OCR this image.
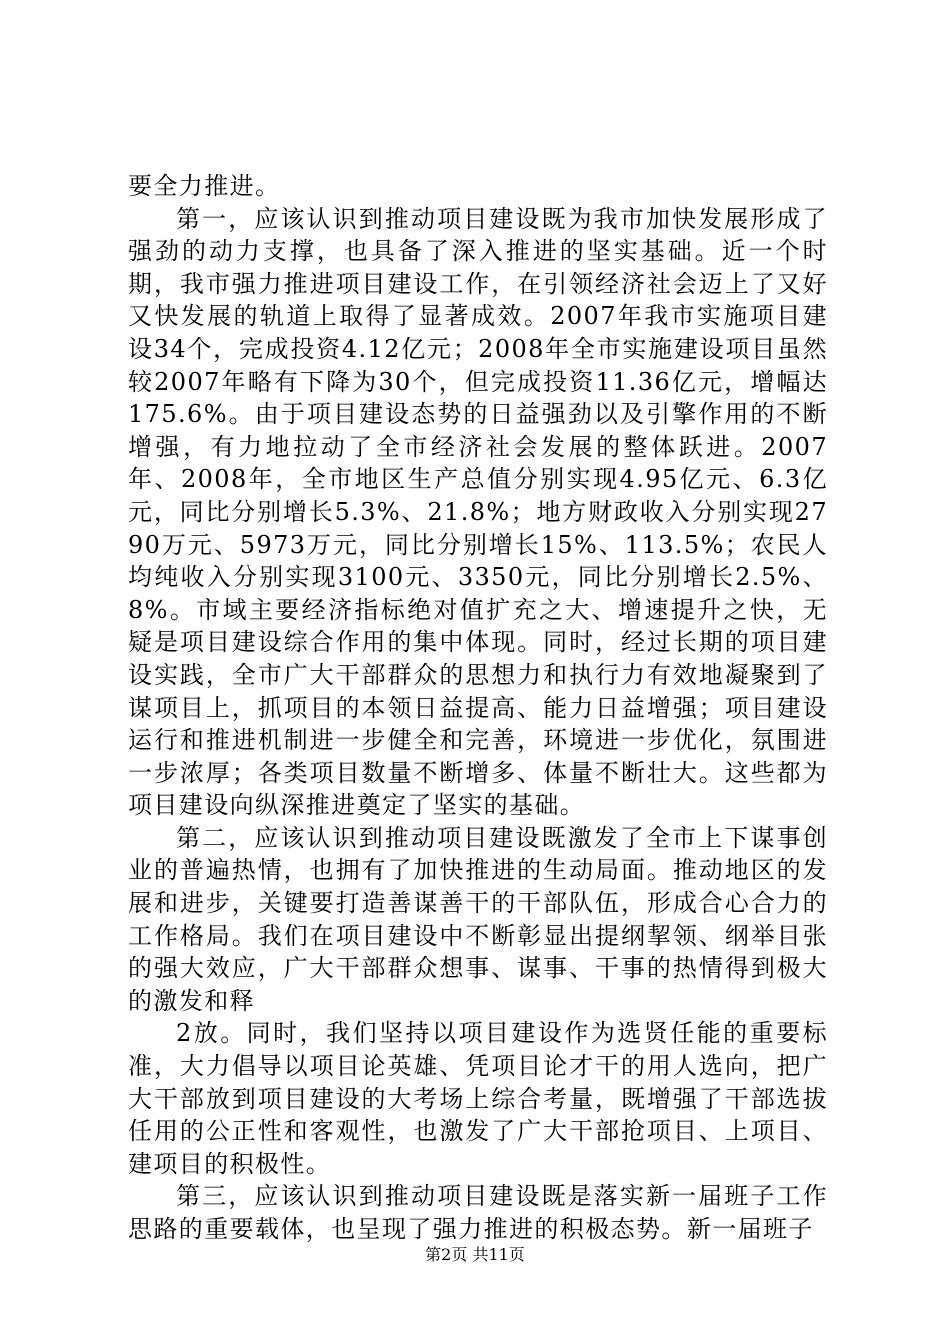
要全力推进。

第一，应该认识到推动项目建设既为我市加快发展形成了强劲的动力支撑，也具备了深入推进的坚实基础。近一个时期，我市强力推进项目建设工作，在引领经济社会迈上了又好又快发展的轨道上取得了显著成效。2007年我市实施项目建设34个，完成投资4.12亿元；2008年全市实施建设项目虽然较2007年略有下降为30个，但完成投资11.36亿元，增幅达175.6%。由于项目建设态势的日益强劲以及引擎作用的不断增强，有力地拉动了全市经济社会发展的整体跃进。2007年、2008年，全市地区生产总值分别实现4.95亿元、6.3亿元，同比分别增长5.3%、21.8%；地方财政收入分别实现2790万元、5973万元，同比分别增长15%、113.5%；农民人均纯收入分别实现3100元、3350元，同比分别增长2.5%、8%。市域主要经济指标绝对值扩充之大、增速提升之快，无疑是项目建设综合作用的集中体现。同时，经过长期的项目建设实践，全市广大干部群众的思想力和执行力有效地凝聚到了谋项目上，抓项目的本领日益提高、能力日益增强；项目建设运行和推进机制进一步健全和完善，环境进一步优化，氛围进一步浓厚；各类项目数量不断增多、体量不断壮大。这些都为项目建设向纵深推进奠定了坚实的基础。

第二，应该认识到推动项目建设既激发了全市上下谋事创业的普遍热情，也拥有了加快推进的生动局面。推动地区的发展和进步，关键要打造善谋善干的干部队伍，形成合心合力的工作格局。我们在项目建设中不断彰显出提纲挈领、纲举目张的强大效应，广大干部群众想事、谋事、干事的热情得到极大的激发和释

2放。同时，我们坚持以项目建设作为选贤任能的重要标准，大力倡导以项目论英雄、凭项目论才干的用人选向，把广大干部放到项目建设的大考场上综合考量，既增强了干部选拔任用的公正性和客观性，也激发了广大干部抢项目、上项目、建项目的积极性。

第三，应该认识到推动项目建设既是落实新一届班子工作思路的重要载体，也呈现了强力推进的积极态势。新一届班子

第2页 共11页
